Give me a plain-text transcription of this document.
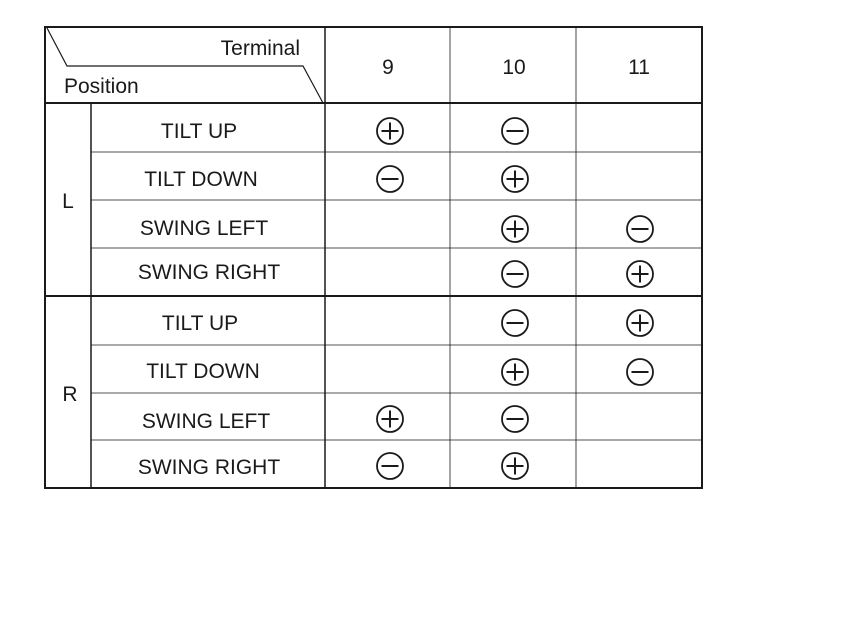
Terminal
Position
9	10	11
L
R
TILT UP
TILT DOWN
SWING LEFT
SWING RIGHT
TILT UP
TILT DOWN
SWING LEFT
SWING RIGHT
